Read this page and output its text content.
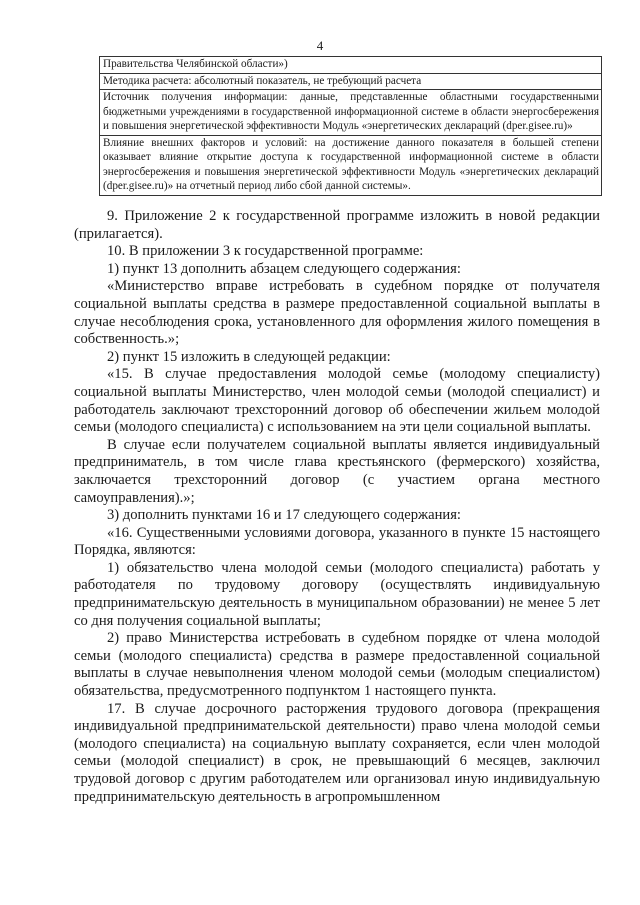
4
Правительства Челябинской области»)
Методика расчета: абсолютный показатель, не требующий расчета
Источник получения информации: данные, представленные областными государственными бюджетными учреждениями в государственной информационной системе в области энергосбережения и повышения энергетической эффективности Модуль «энергетических деклараций (dper.gisee.ru)»
Влияние внешних факторов и условий: на достижение данного показателя в большей степени оказывает влияние открытие доступа к государственной информационной системе в области энергосбережения и повышения энергетической эффективности Модуль «энергетических деклараций (dper.gisee.ru)» на отчетный период либо сбой данной системы».

9. Приложение 2 к государственной программе изложить в новой редакции (прилагается).

10. В приложении 3 к государственной программе:

1) пункт 13 дополнить абзацем следующего содержания:

«Министерство вправе истребовать в судебном порядке от получателя социальной выплаты средства в размере предоставленной социальной выплаты в случае несоблюдения срока, установленного для оформления жилого помещения в собственность.»;

2) пункт 15 изложить в следующей редакции:

«15. В случае предоставления молодой семье (молодому специалисту) социальной выплаты Министерство, член молодой семьи (молодой специалист) и работодатель заключают трехсторонний договор об обеспечении жильем молодой семьи (молодого специалиста) с использованием на эти цели социальной выплаты.

В случае если получателем социальной выплаты является индивидуальный предприниматель, в том числе глава крестьянского (фермерского) хозяйства, заключается трехсторонний договор (с участием органа местного самоуправления).»;

3) дополнить пунктами 16 и 17 следующего содержания:

«16. Существенными условиями договора, указанного в пункте 15 настоящего Порядка, являются:

1) обязательство члена молодой семьи (молодого специалиста) работать у работодателя по трудовому договору (осуществлять индивидуальную предпринимательскую деятельность в муниципальном образовании) не менее 5 лет со дня получения социальной выплаты;

2) право Министерства истребовать в судебном порядке от члена молодой семьи (молодого специалиста) средства в размере предоставленной социальной выплаты в случае невыполнения членом молодой семьи (молодым специалистом) обязательства, предусмотренного подпунктом 1 настоящего пункта.

17. В случае досрочного расторжения трудового договора (прекращения индивидуальной предпринимательской деятельности) право члена молодой семьи (молодого специалиста) на социальную выплату сохраняется, если член молодой семьи (молодой специалист) в срок, не превышающий 6 месяцев, заключил трудовой договор с другим работодателем или организовал иную индивидуальную предпринимательскую деятельность в агропромышленном
